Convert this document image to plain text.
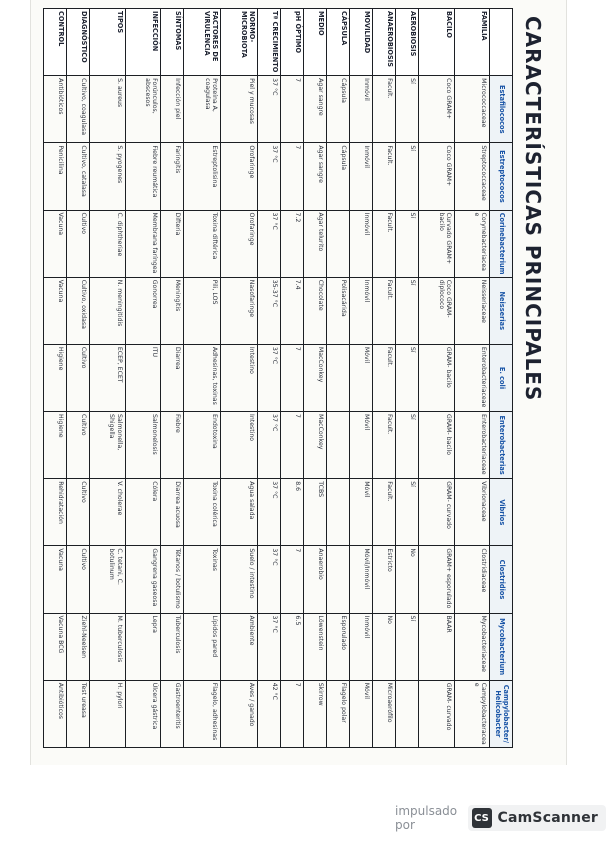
CARACTERÍSTICAS PRINCIPALES
	Estafilococos	Estreptococos	Corinebacterium	Neisserias	E. coli	Enterobacterias	Vibrios	Clostridios	Mycobacterium	Campylobacter/Helicobacter
FAMILIA	Micrococcaceae	Streptococcaceae	Corynebacteriaceae	Neisseriaceae	Enterobacteriaceae	Enterobacteriaceae	Vibrionaceae	Clostridiaceae	Mycobacteriaceae	Campylobacteraceae
BACILO	Coco GRAM+	Coco GRAM+	Curvado GRAM+ bacilo	Coco GRAM- diplococo	GRAM- bacilo	GRAM- bacilo	GRAM- curvado	GRAM+ esporulado	BAAR	GRAM- curvado
AEROBIOSIS	Sí	Sí	Sí	Sí	Sí	Sí	Sí	No	Sí	
ANAEROBIOSIS	Facult.	Facult.	Facult.	Facult.	Facult.	Facult.	Facult.	Estricto	No	Microaerófilo
MOVILIDAD	Inmóvil	Inmóvil	Inmóvil	Inmóvil	Móvil	Móvil	Móvil	Móvil/Inmóvil	Inmóvil	Móvil
CÁPSULA	Cápsula	Cápsula		Polisacárida					Esporulado	Flagelo polar
MEDIO	Agar sangre	Agar sangre	Agar telurito	Chocolate	MacConkey	MacConkey	TCBS	Anaerobio	Löwenstein	Skirrow
pH ÓPTIMO	7	7	7.2	7.4	7	7	8.6	7	6.5	7
Tª CRECIMIENTO	37 °C	37 °C	37 °C	35-37 °C	37 °C	37 °C	37 °C	37 °C	37 °C	42 °C
NORMO-MICROBIOTA	Piel y mucosas	Orofaringe	Orofaringe	Nasofaringe	Intestino	Intestino	Agua salada	Suelo / intestino	Ambiente	Aves / ganado
FACTORES DE VIRULENCIA	Proteína A, coagulasa	Estreptolisina	Toxina diftérica	Pili, LOS	Adhesinas, toxinas	Endotoxina	Toxina colérica	Toxinas	Lípidos pared	Flagelo, adhesinas
SÍNTOMAS	Infección piel	Faringitis	Difteria	Meningitis	Diarrea	Fiebre	Diarrea acuosa	Tétanos / botulismo	Tuberculosis	Gastroenteritis
INFECCIÓN	Forúnculos, abscesos	Fiebre reumática	Membrana faríngea	Gonorrea	ITU	Salmonelosis	Cólera	Gangrena gaseosa	Lepra	Úlcera gástrica
TIPOS	S. aureus	S. pyogenes	C. diphtheriae	N. meningitidis	ECEP, ECET	Salmonella, Shigella	V. cholerae	C. tetani, C. botulinum	M. tuberculosis	H. pylori
DIAGNÓSTICO	Cultivo, coagulasa	Cultivo, catalasa	Cultivo	Cultivo, oxidasa	Cultivo	Cultivo	Cultivo	Cultivo	Ziehl-Neelsen	Test ureasa
CONTROL	Antibióticos	Penicilina	Vacuna	Vacuna	Higiene	Higiene	Rehidratación	Vacuna	Vacuna BCG	Antibióticos
impulsado por	CS CamScanner
